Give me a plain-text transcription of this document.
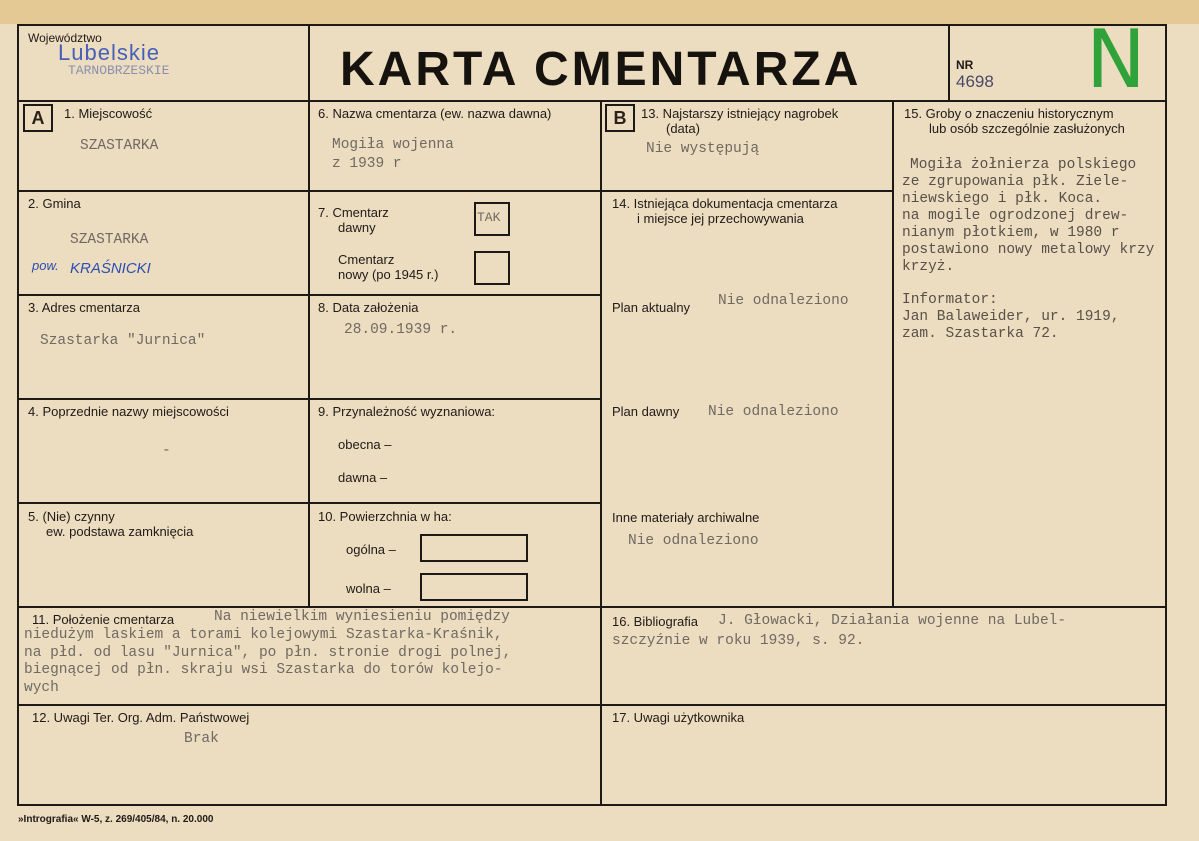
Województwo
Lubelskie
TARNOBRZESKIE	KARTA CMENTARZA	NR
4698 N
A	B
1. Miejscowość
SZASTARKA
2. Gmina
SZASTARKA
pow. KRAŚNICKI
3. Adres cmentarza
Szastarka "Jurnica"
4. Poprzednie nazwy miejscowości
-
5. (Nie) czynny
ew. podstawa zamknięcia
6. Nazwa cmentarza (ew. nazwa dawna)
Mogiła wojenna
z 1939 r
7. Cmentarz
dawny
TAK
Cmentarz
nowy (po 1945 r.)
8. Data założenia
28.09.1939 r.
9. Przynależność wyznaniowa:
obecna –
dawna –
10. Powierzchnia w ha:
ogólna –
wolna –
13. Najstarszy istniejący nagrobek
(data)
Nie występują
14. Istniejąca dokumentacja cmentarza
i miejsce jej przechowywania
Plan aktualny Nie odnaleziono
Plan dawny Nie odnaleziono
Inne materiały archiwalne
Nie odnaleziono
15. Groby o znaczeniu historycznym
lub osób szczególnie zasłużonych
Mogiła żołnierza polskiego
ze zgrupowania płk. Ziele-
niewskiego i płk. Koca.
na mogile ogrodzonej drew-
nianym płotkiem, w 1980 r
postawiono nowy metalowy krzy
krzyż.
Informator:
Jan Balaweider, ur. 1919,
zam. Szastarka 72.
11. Położenie cmentarza	Na niewielkim wyniesieniu pomiędzy
niedużym laskiem a torami kolejowymi Szastarka-Kraśnik,
na płd. od lasu "Jurnica", po płn. stronie drogi polnej,
biegnącej od płn. skraju wsi Szastarka do torów kolejo-
wych
16. Bibliografia J. Głowacki, Działania wojenne na Lubel-
szczyźnie w roku 1939, s. 92.
12. Uwagi Ter. Org. Adm. Państwowej
Brak
17. Uwagi użytkownika
»Intrografia« W-5, z. 269/405/84, n. 20.000
